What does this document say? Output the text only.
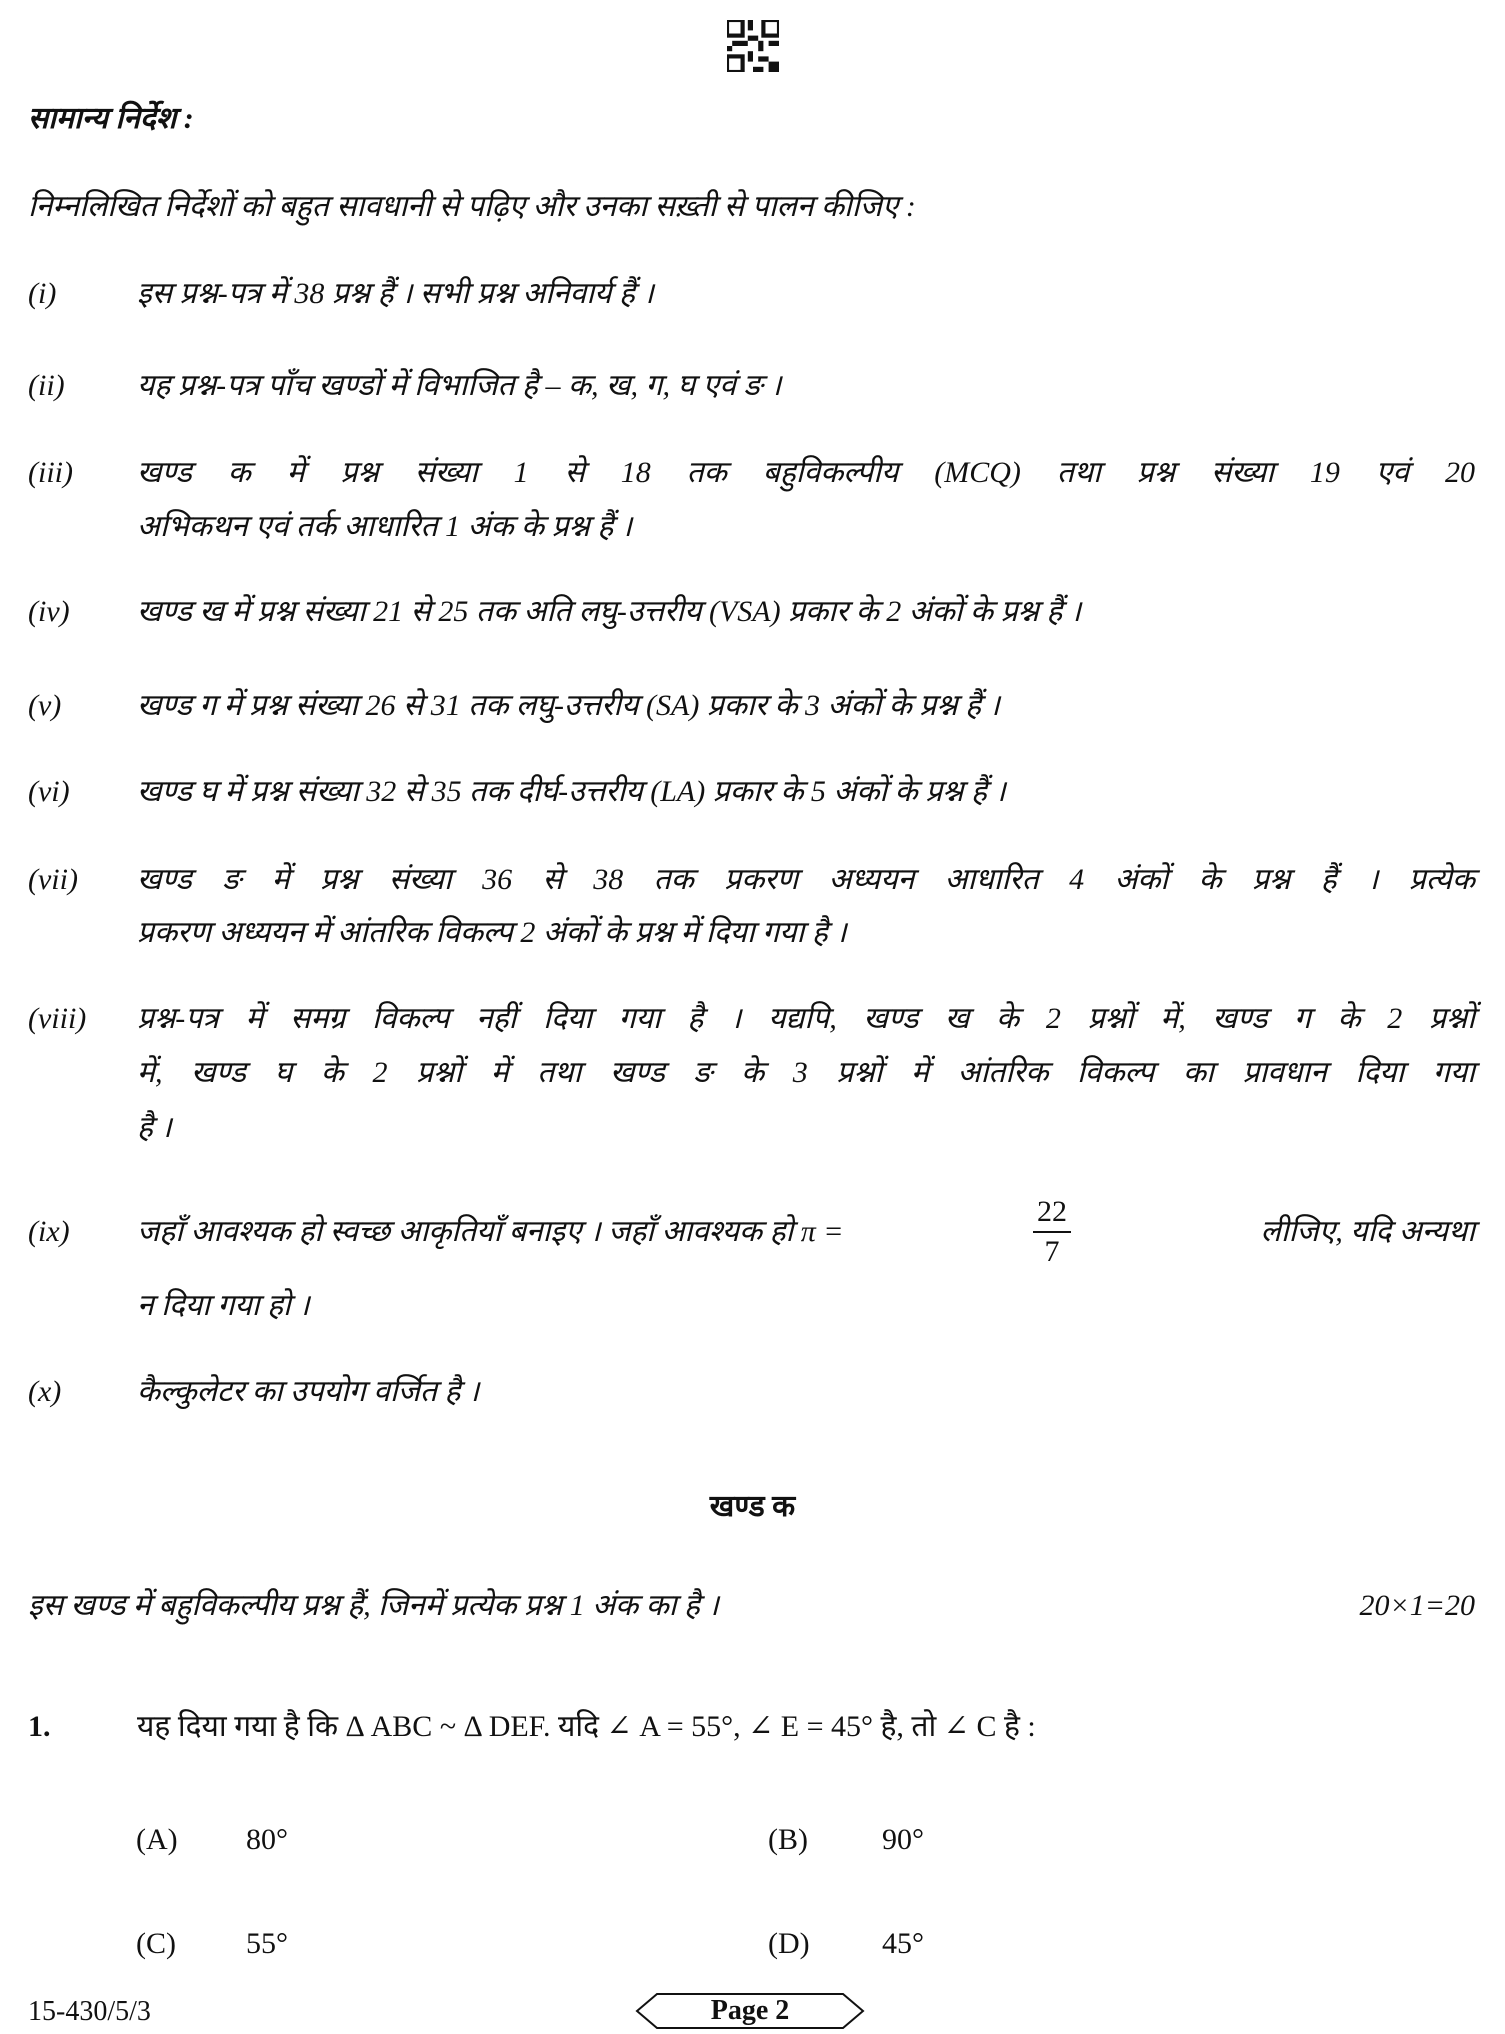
सामान्य निर्देश :
निम्नलिखित निर्देशों को बहुत सावधानी से पढ़िए और उनका सख़्ती से पालन कीजिए :
(i)	इस प्रश्न-पत्र में 38 प्रश्न हैं । सभी प्रश्न अनिवार्य हैं ।
(ii) यह प्रश्न-पत्र पाँच खण्डों में विभाजित है – क, ख, ग, घ एवं ङ ।
(iii) खण्ड क में प्रश्न संख्या 1 से 18 तक बहुविकल्पीय (MCQ) तथा प्रश्न संख्या 19 एवं 20
अभिकथन एवं तर्क आधारित 1 अंक के प्रश्न हैं ।
(iv) खण्ड ख में प्रश्न संख्या 21 से 25 तक अति लघु-उत्तरीय (VSA) प्रकार के 2 अंकों के प्रश्न हैं ।
(v)	खण्ड ग में प्रश्न संख्या 26 से 31 तक लघु-उत्तरीय (SA) प्रकार के 3 अंकों के प्रश्न हैं ।
(vi) खण्ड घ में प्रश्न संख्या 32 से 35 तक दीर्घ-उत्तरीय (LA) प्रकार के 5 अंकों के प्रश्न हैं ।
(vii) खण्ड ङ में प्रश्न संख्या 36 से 38 तक प्रकरण अध्ययन आधारित 4 अंकों के प्रश्न हैं । प्रत्येक
प्रकरण अध्ययन में आंतरिक विकल्प 2 अंकों के प्रश्न में दिया गया है ।
(viii) प्रश्न-पत्र में समग्र विकल्प नहीं दिया गया है । यद्यपि, खण्ड ख के 2 प्रश्नों में, खण्ड ग के 2 प्रश्नों
में, खण्ड घ के 2 प्रश्नों में तथा खण्ड ङ के 3 प्रश्नों में आंतरिक विकल्प का प्रावधान दिया गया
है ।
(ix) जहाँ आवश्यक हो स्वच्छ आकृतियाँ बनाइए । जहाँ आवश्यक हो π =	$\frac{22}{7}$	लीजिए, यदि अन्यथा
न दिया गया हो ।
(x)	कैल्कुलेटर का उपयोग वर्जित है ।
खण्ड क
इस खण्ड में बहुविकल्पीय प्रश्न हैं, जिनमें प्रत्येक प्रश्न 1 अंक का है ।	20×1=20
1.	यह दिया गया है कि Δ ABC ~ Δ DEF. यदि ∠ A = 55°, ∠ E = 45° है, तो ∠ C है :
(A) 80°	(B) 90°
(C) 55°	(D) 45°
15-430/5/3	Page 2
